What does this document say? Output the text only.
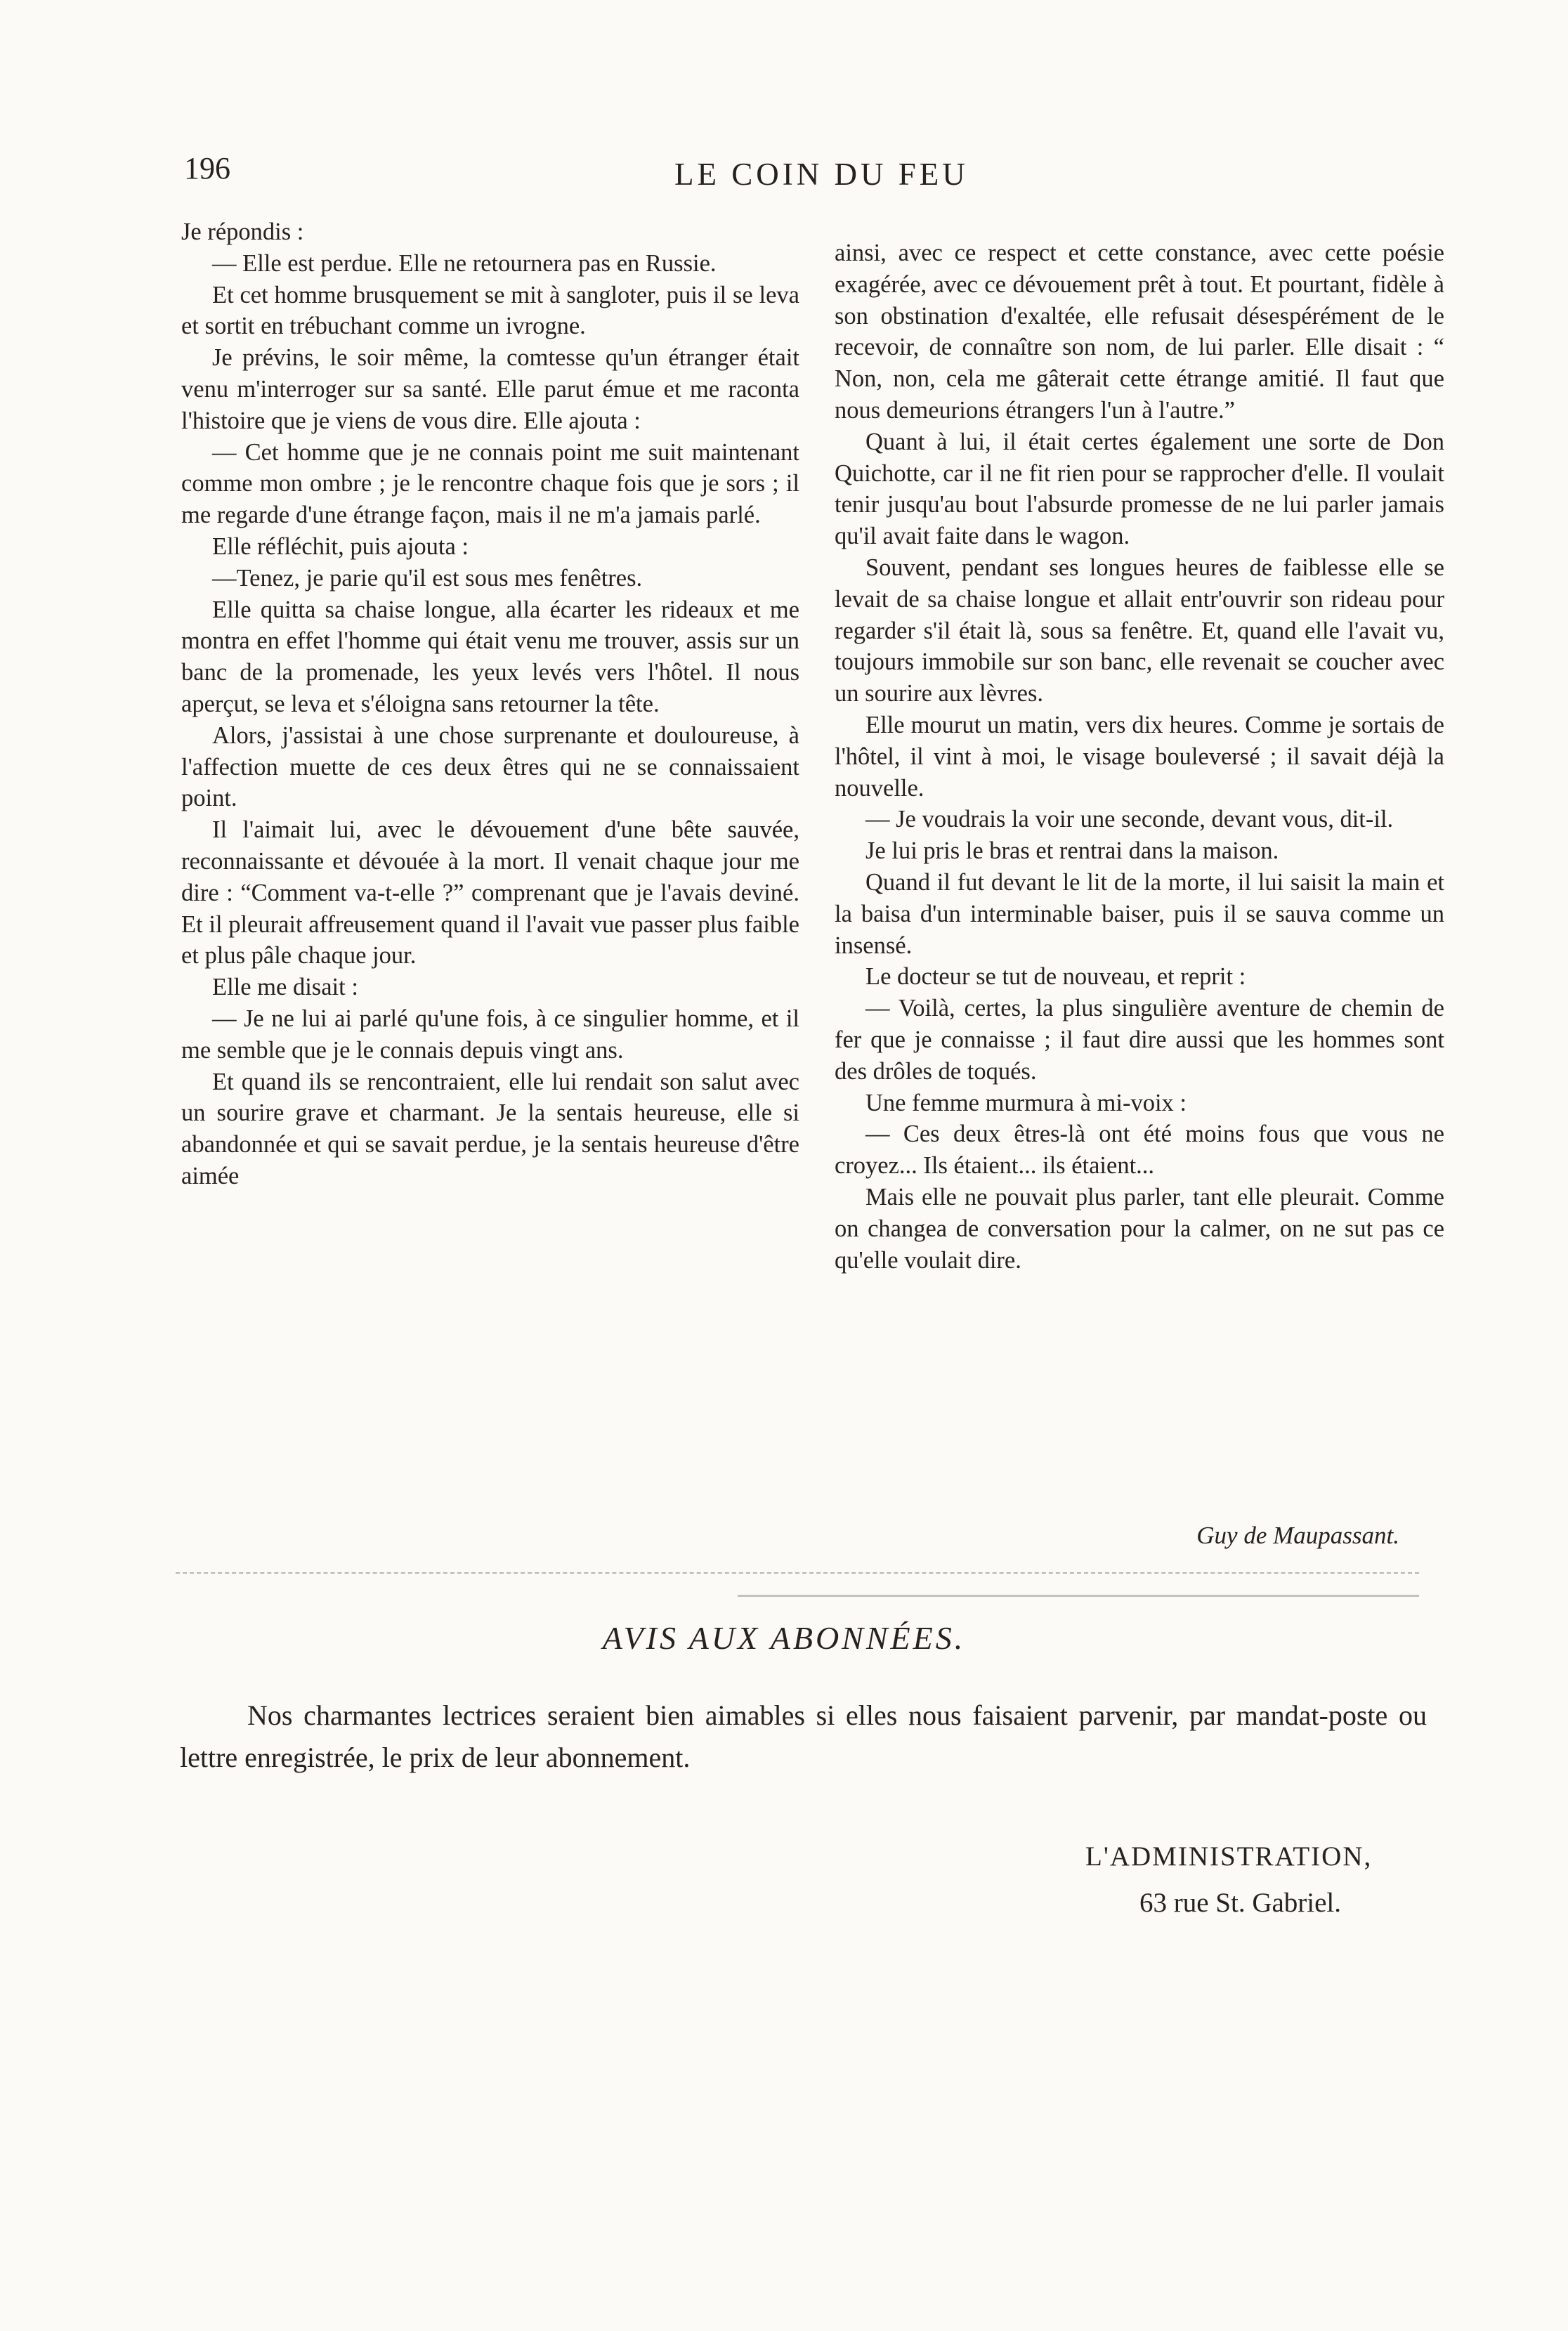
196	LE COIN DU FEU

Je répondis :

— Elle est perdue. Elle ne retournera pas en Russie.

Et cet homme brusquement se mit à sangloter, puis il se leva et sortit en trébuchant comme un ivrogne.

Je prévins, le soir même, la comtesse qu'un étranger était venu m'interroger sur sa santé. Elle parut émue et me raconta l'histoire que je viens de vous dire. Elle ajouta :

— Cet homme que je ne connais point me suit maintenant comme mon ombre ; je le rencontre chaque fois que je sors ; il me regarde d'une étrange façon, mais il ne m'a jamais parlé.

Elle réfléchit, puis ajouta :

—Tenez, je parie qu'il est sous mes fenêtres.

Elle quitta sa chaise longue, alla écarter les rideaux et me montra en effet l'homme qui était venu me trouver, assis sur un banc de la promenade, les yeux levés vers l'hôtel. Il nous aperçut, se leva et s'éloigna sans retourner la tête.

Alors, j'assistai à une chose surprenante et douloureuse, à l'affection muette de ces deux êtres qui ne se connaissaient point.

Il l'aimait lui, avec le dévouement d'une bête sauvée, reconnaissante et dévouée à la mort. Il venait chaque jour me dire : “Comment va-t-elle ?” comprenant que je l'avais deviné. Et il pleurait affreusement quand il l'avait vue passer plus faible et plus pâle chaque jour.

Elle me disait :

— Je ne lui ai parlé qu'une fois, à ce singulier homme, et il me semble que je le connais depuis vingt ans.

Et quand ils se rencontraient, elle lui rendait son salut avec un sourire grave et charmant. Je la sentais heureuse, elle si abandonnée et qui se savait perdue, je la sentais heureuse d'être aimée

ainsi, avec ce respect et cette constance, avec cette poésie exagérée, avec ce dévouement prêt à tout. Et pourtant, fidèle à son obstination d'exaltée, elle refusait désespérément de le recevoir, de connaître son nom, de lui parler. Elle disait : “ Non, non, cela me gâterait cette étrange amitié. Il faut que nous demeurions étrangers l'un à l'autre.”

Quant à lui, il était certes également une sorte de Don Quichotte, car il ne fit rien pour se rapprocher d'elle. Il voulait tenir jusqu'au bout l'absurde promesse de ne lui parler jamais qu'il avait faite dans le wagon.

Souvent, pendant ses longues heures de faiblesse elle se levait de sa chaise longue et allait entr'ouvrir son rideau pour regarder s'il était là, sous sa fenêtre. Et, quand elle l'avait vu, toujours immobile sur son banc, elle revenait se coucher avec un sourire aux lèvres.

Elle mourut un matin, vers dix heures. Comme je sortais de l'hôtel, il vint à moi, le visage bouleversé ; il savait déjà la nouvelle.

— Je voudrais la voir une seconde, devant vous, dit-il.

Je lui pris le bras et rentrai dans la maison.

Quand il fut devant le lit de la morte, il lui saisit la main et la baisa d'un interminable baiser, puis il se sauva comme un insensé.

Le docteur se tut de nouveau, et reprit :

— Voilà, certes, la plus singulière aventure de chemin de fer que je connaisse ; il faut dire aussi que les hommes sont des drôles de toqués.

Une femme murmura à mi-voix :

— Ces deux êtres-là ont été moins fous que vous ne croyez... Ils étaient... ils étaient...

Mais elle ne pouvait plus parler, tant elle pleurait. Comme on changea de conversation pour la calmer, on ne sut pas ce qu'elle voulait dire.

Guy de Maupassant.
AVIS AUX ABONNÉES.
Nos charmantes lectrices seraient bien aimables si elles nous faisaient parvenir, par mandat-poste ou lettre enregistrée, le prix de leur abonnement.
L'ADMINISTRATION,
63 rue St. Gabriel.
